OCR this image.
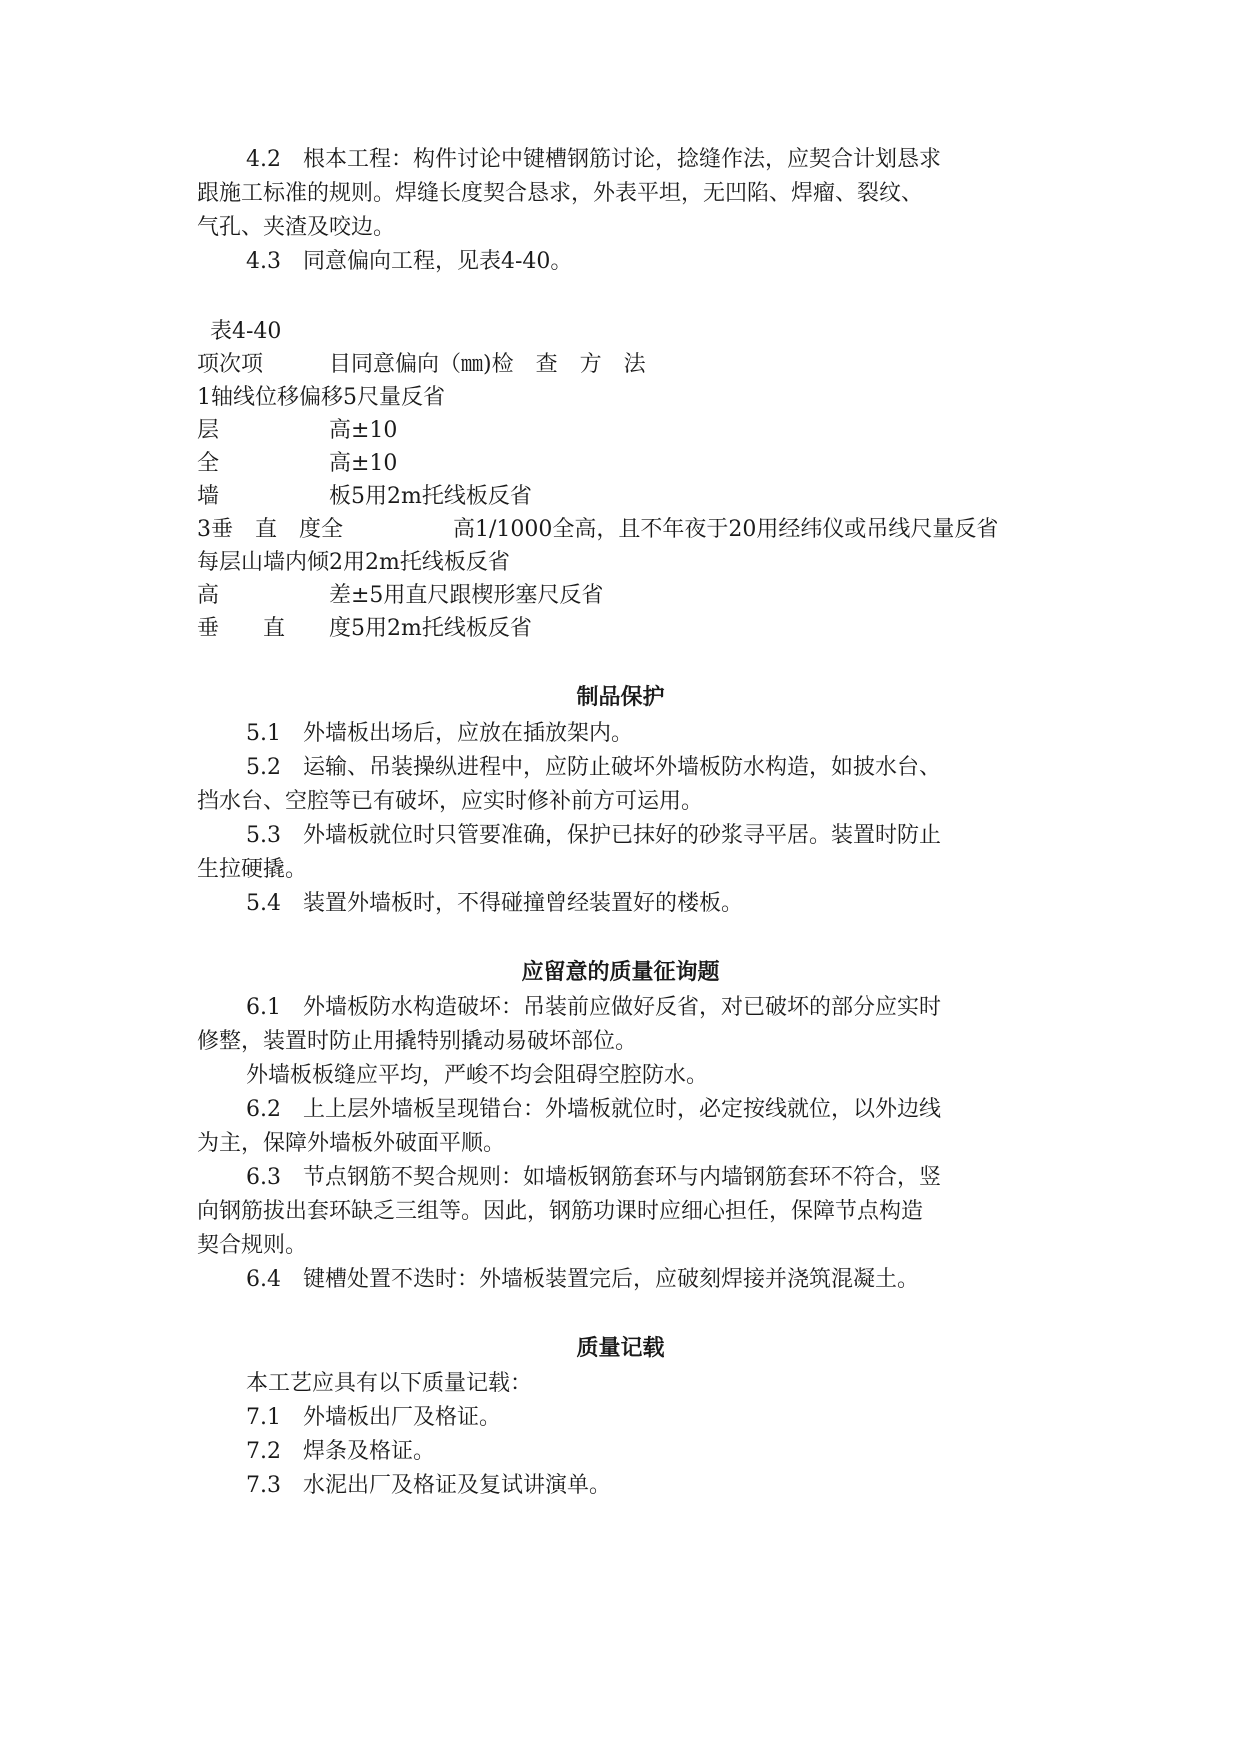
4.2　根本工程：构件讨论中键槽钢筋讨论，捻缝作法，应契合计划恳求
跟施工标准的规则。焊缝长度契合恳求，外表平坦，无凹陷、焊瘤、裂纹、
气孔、夹渣及咬边。
4.3　同意偏向工程，见表4-40。
表4-40
项次项　　　目同意偏向（㎜)检　查　方　法
1轴线位移偏移5尺量反省
层　　　　　高±10
全　　　　　高±10
墙　　　　　板5用2m托线板反省
3垂　直　度全　　　　　高1/1000全高，且不年夜于20用经纬仪或吊线尺量反省
每层山墙内倾2用2m托线板反省
高　　　　　差±5用直尺跟楔形塞尺反省
垂　　直　　度5用2m托线板反省
制品保护
5.1　外墙板出场后，应放在插放架内。
5.2　运输、吊装操纵进程中，应防止破坏外墙板防水构造，如披水台、
挡水台、空腔等已有破坏，应实时修补前方可运用。
5.3　外墙板就位时只管要准确，保护已抹好的砂浆寻平居。装置时防止
生拉硬撬。
5.4　装置外墙板时，不得碰撞曾经装置好的楼板。
应留意的质量征询题
6.1　外墙板防水构造破坏：吊装前应做好反省，对已破坏的部分应实时
修整，装置时防止用撬特别撬动易破坏部位。
外墙板板缝应平均，严峻不均会阻碍空腔防水。
6.2　上上层外墙板呈现错台：外墙板就位时，必定按线就位，以外边线
为主，保障外墙板外破面平顺。
6.3　节点钢筋不契合规则：如墙板钢筋套环与内墙钢筋套环不符合，竖
向钢筋拔出套环缺乏三组等。因此，钢筋功课时应细心担任，保障节点构造
契合规则。
6.4　键槽处置不迭时：外墙板装置完后，应破刻焊接并浇筑混凝土。
质量记载
本工艺应具有以下质量记载：
7.1　外墙板出厂及格证。
7.2　焊条及格证。
7.3　水泥出厂及格证及复试讲演单。
